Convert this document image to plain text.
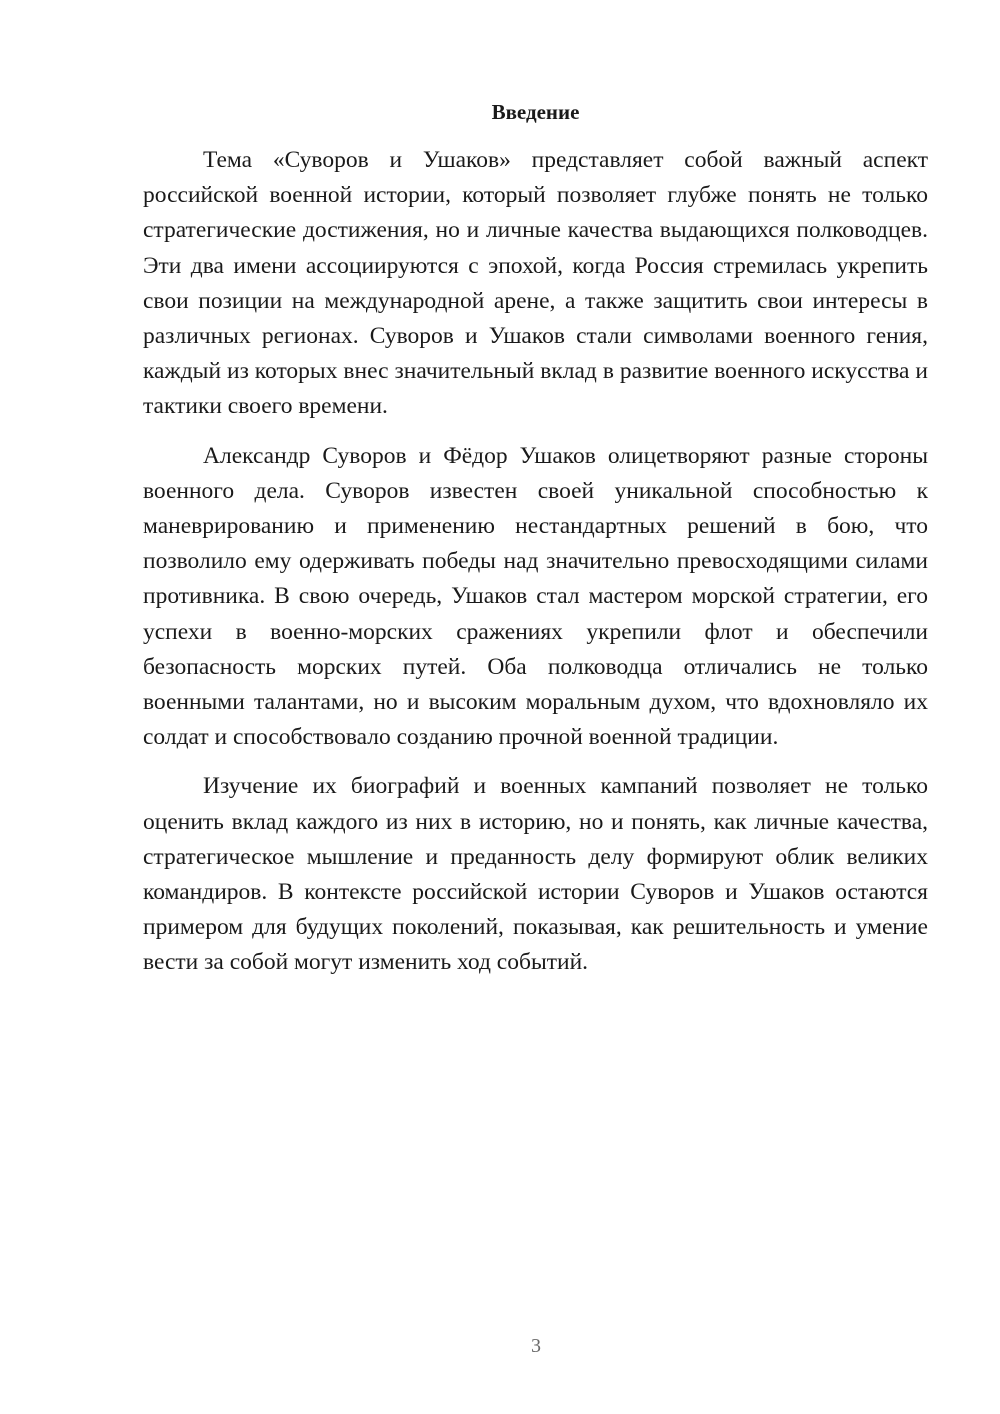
Введение

Тема «Суворов и Ушаков» представляет собой важный аспект российской военной истории, который позволяет глубже понять не только стратегические достижения, но и личные качества выдающихся полководцев. Эти два имени ассоциируются с эпохой, когда Россия стремилась укрепить свои позиции на международной арене, а также защитить свои интересы в различных регионах. Суворов и Ушаков стали символами военного гения, каждый из которых внес значительный вклад в развитие военного искусства и тактики своего времени.

Александр Суворов и Фёдор Ушаков олицетворяют разные стороны военного дела. Суворов известен своей уникальной способностью к маневрированию и применению нестандартных решений в бою, что позволило ему одерживать победы над значительно превосходящими силами противника. В свою очередь, Ушаков стал мастером морской стратегии, его успехи в военно-морских сражениях укрепили флот и обеспечили безопасность морских путей. Оба полководца отличались не только военными талантами, но и высоким моральным духом, что вдохновляло их солдат и способствовало созданию прочной военной традиции.

Изучение их биографий и военных кампаний позволяет не только оценить вклад каждого из них в историю, но и понять, как личные качества, стратегическое мышление и преданность делу формируют облик великих командиров. В контексте российской истории Суворов и Ушаков остаются примером для будущих поколений, показывая, как решительность и умение вести за собой могут изменить ход событий.

3
